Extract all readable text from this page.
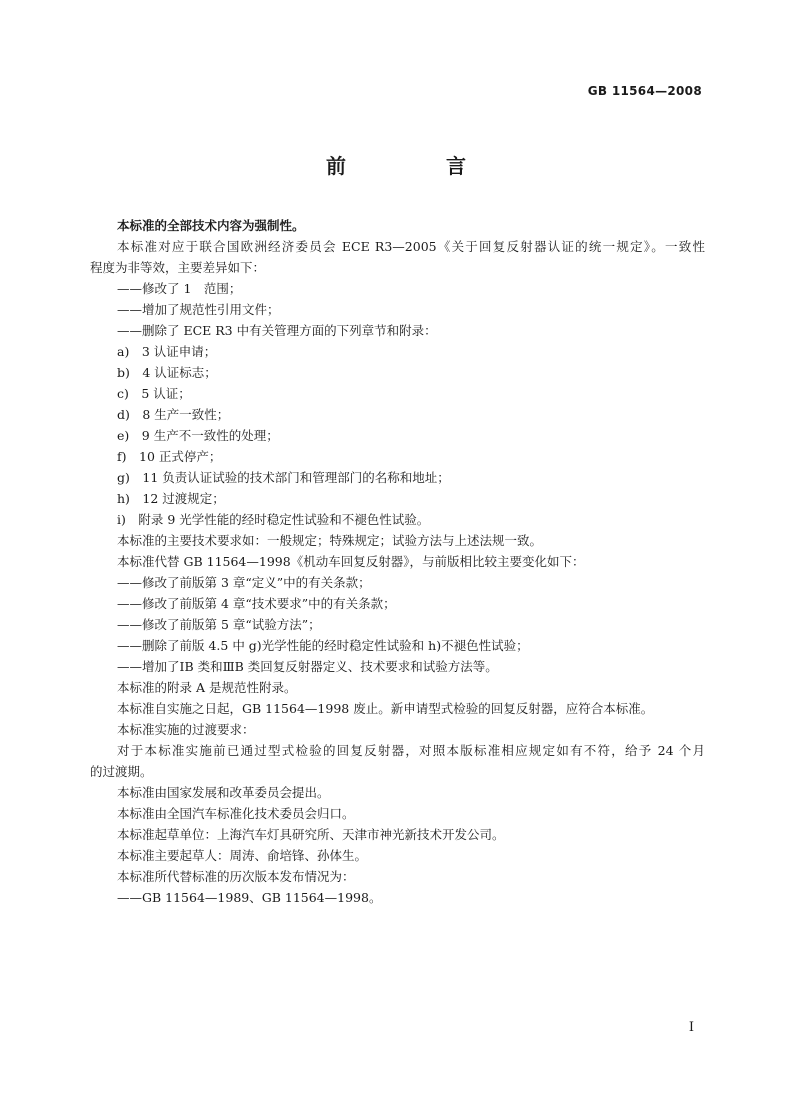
GB 11564—2008
前　言
本标准的全部技术内容为强制性。
本标准对应于联合国欧洲经济委员会 ECE R3—2005《关于回复反射器认证的统一规定》。一致性
程度为非等效，主要差异如下：
——修改了 1　范围；
——增加了规范性引用文件；
——删除了 ECE R3 中有关管理方面的下列章节和附录：
a)　3 认证申请；
b)　4 认证标志；
c)　5 认证；
d)　8 生产一致性；
e)　9 生产不一致性的处理；
f)　10 正式停产；
g)　11 负责认证试验的技术部门和管理部门的名称和地址；
h)　12 过渡规定；
i)　附录 9 光学性能的经时稳定性试验和不褪色性试验。
本标准的主要技术要求如：一般规定；特殊规定；试验方法与上述法规一致。
本标准代替 GB 11564—1998《机动车回复反射器》，与前版相比较主要变化如下：
——修改了前版第 3 章“定义”中的有关条款；
——修改了前版第 4 章“技术要求”中的有关条款；
——修改了前版第 5 章“试验方法”；
——删除了前版 4.5 中 g)光学性能的经时稳定性试验和 h)不褪色性试验；
——增加了ⅠB 类和ⅢB 类回复反射器定义、技术要求和试验方法等。
本标准的附录 A 是规范性附录。
本标准自实施之日起，GB 11564—1998 废止。新申请型式检验的回复反射器，应符合本标准。
本标准实施的过渡要求：
对于本标准实施前已通过型式检验的回复反射器，对照本版标准相应规定如有不符，给予 24 个月
的过渡期。
本标准由国家发展和改革委员会提出。
本标准由全国汽车标准化技术委员会归口。
本标准起草单位：上海汽车灯具研究所、天津市神光新技术开发公司。
本标准主要起草人：周涛、俞培锋、孙体生。
本标准所代替标准的历次版本发布情况为：
——GB 11564—1989、GB 11564—1998。
I
